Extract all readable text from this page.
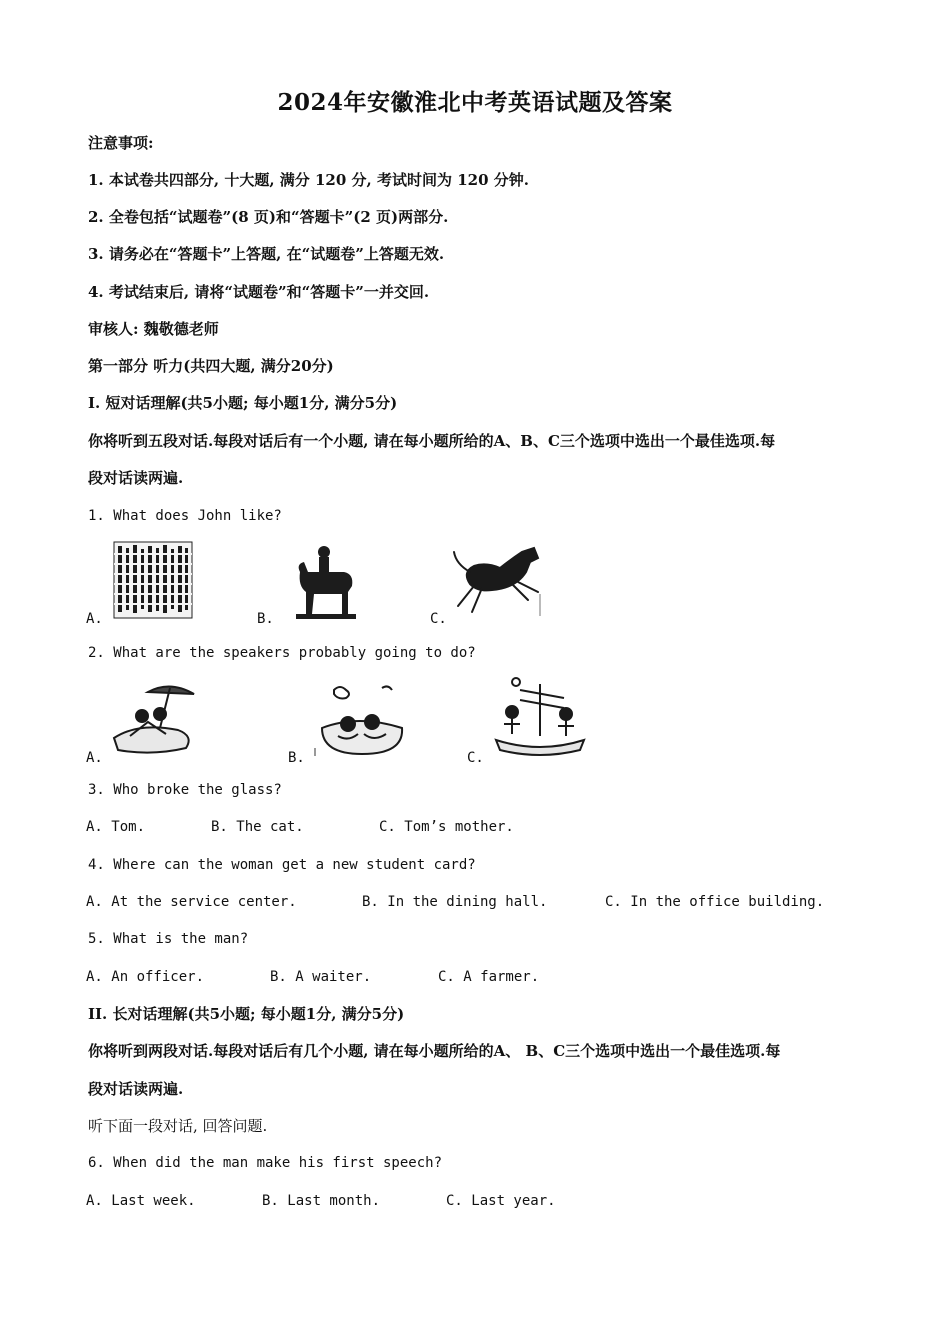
2024年安徽淮北中考英语试题及答案
注意事项:
1. 本试卷共四部分, 十大题, 满分 120 分, 考试时间为 120 分钟.
2. 全卷包括“试题卷”(8 页)和“答题卡”(2 页)两部分.
3. 请务必在“答题卡”上答题, 在“试题卷”上答题无效.
4. 考试结束后, 请将“试题卷”和“答题卡”一并交回.
审核人: 魏敬德老师
第一部分 听力(共四大题, 满分20分)
I. 短对话理解(共5小题; 每小题1分, 满分5分)
你将听到五段对话.每段对话后有一个小题, 请在每小题所给的A、B、C三个选项中选出一个最佳选项.每
段对话读两遍.
1. What does John like?
A.	B.	C.
2. What are the speakers probably going to do?
A.	B.	C.
3. Who broke the glass?
A. Tom.	B. The cat.	C. Tom’s mother.
4. Where can the woman get a new student card?
A. At the service center.	B. In the dining hall.	C. In the office building.
5. What is the man?
A. An officer.	B. A waiter.	C. A farmer.
II. 长对话理解(共5小题; 每小题1分, 满分5分)
你将听到两段对话.每段对话后有几个小题, 请在每小题所给的A、 B、C三个选项中选出一个最佳选项.每
段对话读两遍.
听下面一段对话, 回答问题.
6. When did the man make his first speech?
A. Last week.	B. Last month.	C. Last year.
